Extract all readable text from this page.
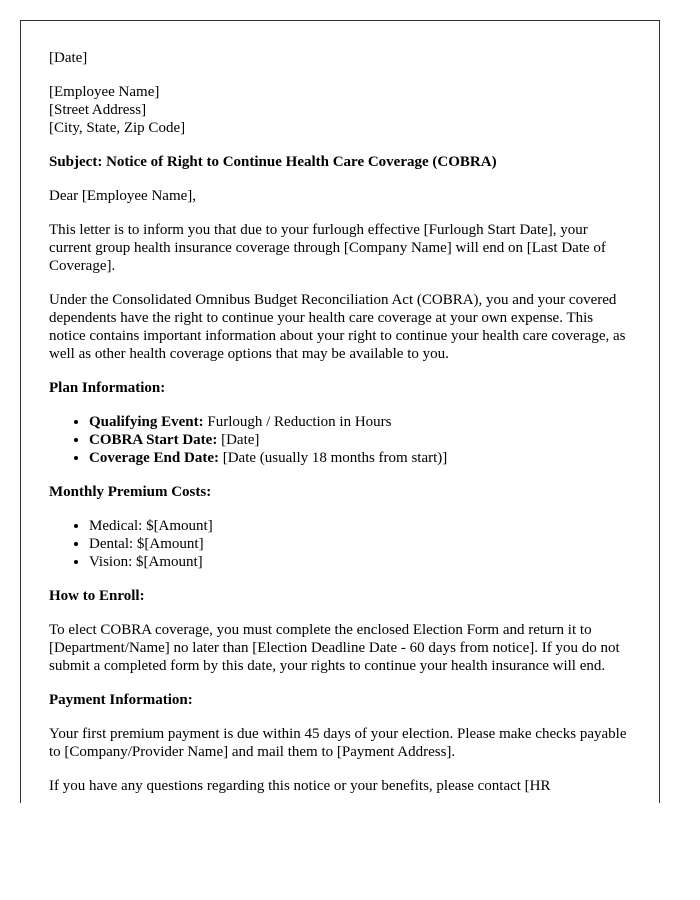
[Date]

[Employee Name]
[Street Address]
[City, State, Zip Code]

Subject: Notice of Right to Continue Health Care Coverage (COBRA)

Dear [Employee Name],

This letter is to inform you that due to your furlough effective [Furlough Start Date], your current group health insurance coverage through [Company Name] will end on [Last Date of Coverage].

Under the Consolidated Omnibus Budget Reconciliation Act (COBRA), you and your covered dependents have the right to continue your health care coverage at your own expense. This notice contains important information about your right to continue your health care coverage, as well as other health coverage options that may be available to you.

Plan Information:

• Qualifying Event: Furlough / Reduction in Hours
• COBRA Start Date: [Date]
• Coverage End Date: [Date (usually 18 months from start)]

Monthly Premium Costs:

• Medical: $[Amount]
• Dental: $[Amount]
• Vision: $[Amount]

How to Enroll:

To elect COBRA coverage, you must complete the enclosed Election Form and return it to [Department/Name] no later than [Election Deadline Date - 60 days from notice]. If you do not submit a completed form by this date, your rights to continue your health insurance will end.

Payment Information:

Your first premium payment is due within 45 days of your election. Please make checks payable to [Company/Provider Name] and mail them to [Payment Address].

If you have any questions regarding this notice or your benefits, please contact [HR
